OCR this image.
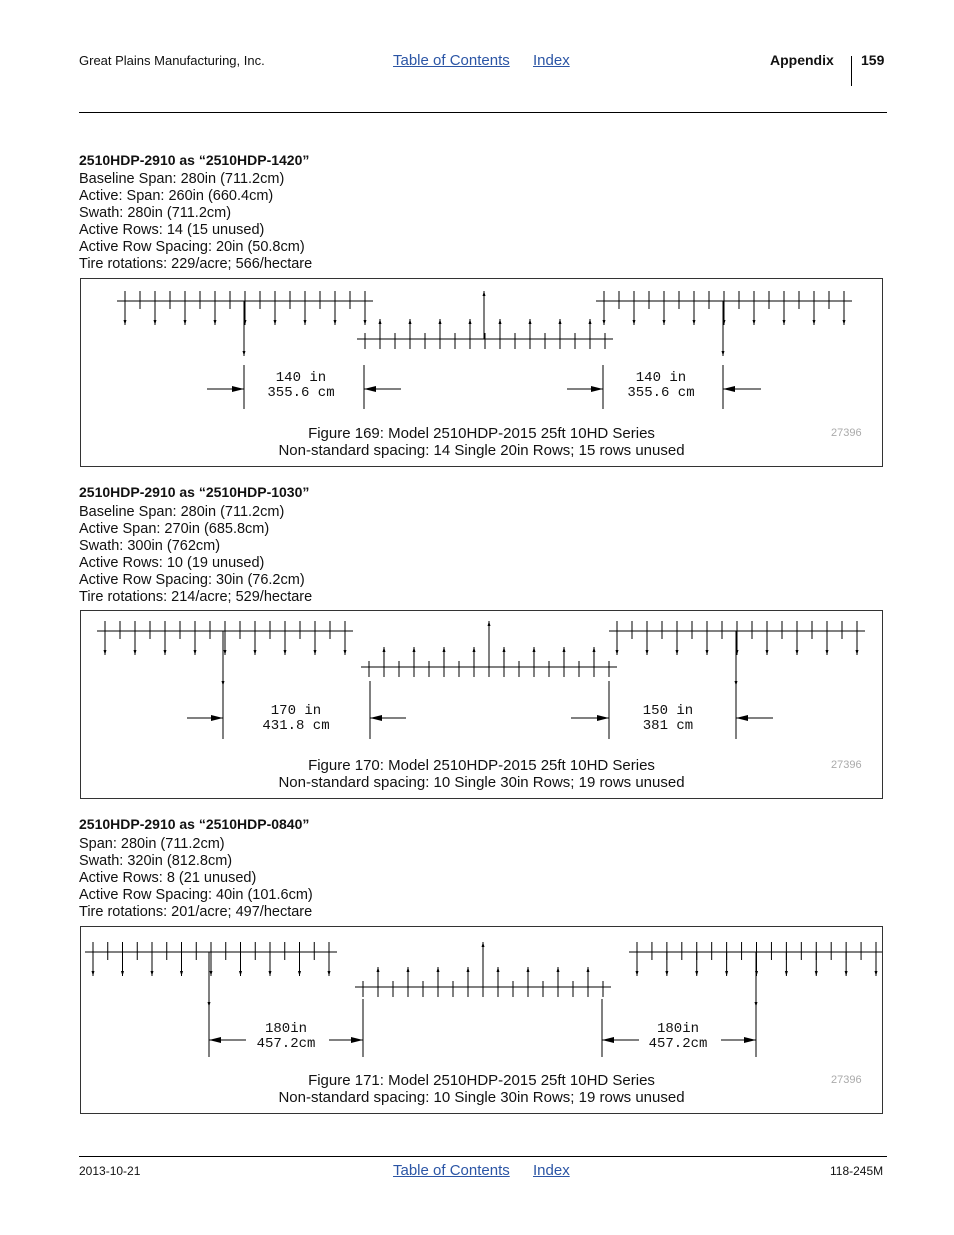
Great Plains Manufacturing, Inc.	Table of Contents Index	Appendix 159
2510HDP-2910 as “2510HDP-1420”
Baseline Span: 280in (711.2cm)
Active: Span: 260in (660.4cm)
Swath: 280in (711.2cm)
Active Rows: 14 (15 unused)
Active Row Spacing: 20in (50.8cm)
Tire rotations: 229/acre; 566/hectare
140 in
355.6 cm
140 in
355.6 cm
Figure 169: Model 2510HDP-2015 25ft 10HD Series
Non-standard spacing: 14 Single 20in Rows; 15 rows unused
27396
2510HDP-2910 as “2510HDP-1030”
Baseline Span: 280in (711.2cm)
Active Span: 270in (685.8cm)
Swath: 300in (762cm)
Active Rows: 10 (19 unused)
Active Row Spacing: 30in (76.2cm)
Tire rotations: 214/acre; 529/hectare
170 in
431.8 cm
150 in
381 cm
Figure 170: Model 2510HDP-2015 25ft 10HD Series
Non-standard spacing: 10 Single 30in Rows; 19 rows unused
27396
2510HDP-2910 as “2510HDP-0840”
Span: 280in (711.2cm)
Swath: 320in (812.8cm)
Active Rows: 8 (21 unused)
Active Row Spacing: 40in (101.6cm)
Tire rotations: 201/acre; 497/hectare
180in
457.2cm
180in
457.2cm
Figure 171: Model 2510HDP-2015 25ft 10HD Series
Non-standard spacing: 10 Single 30in Rows; 19 rows unused
27396
2013-10-21	Table of Contents Index	118-245M
